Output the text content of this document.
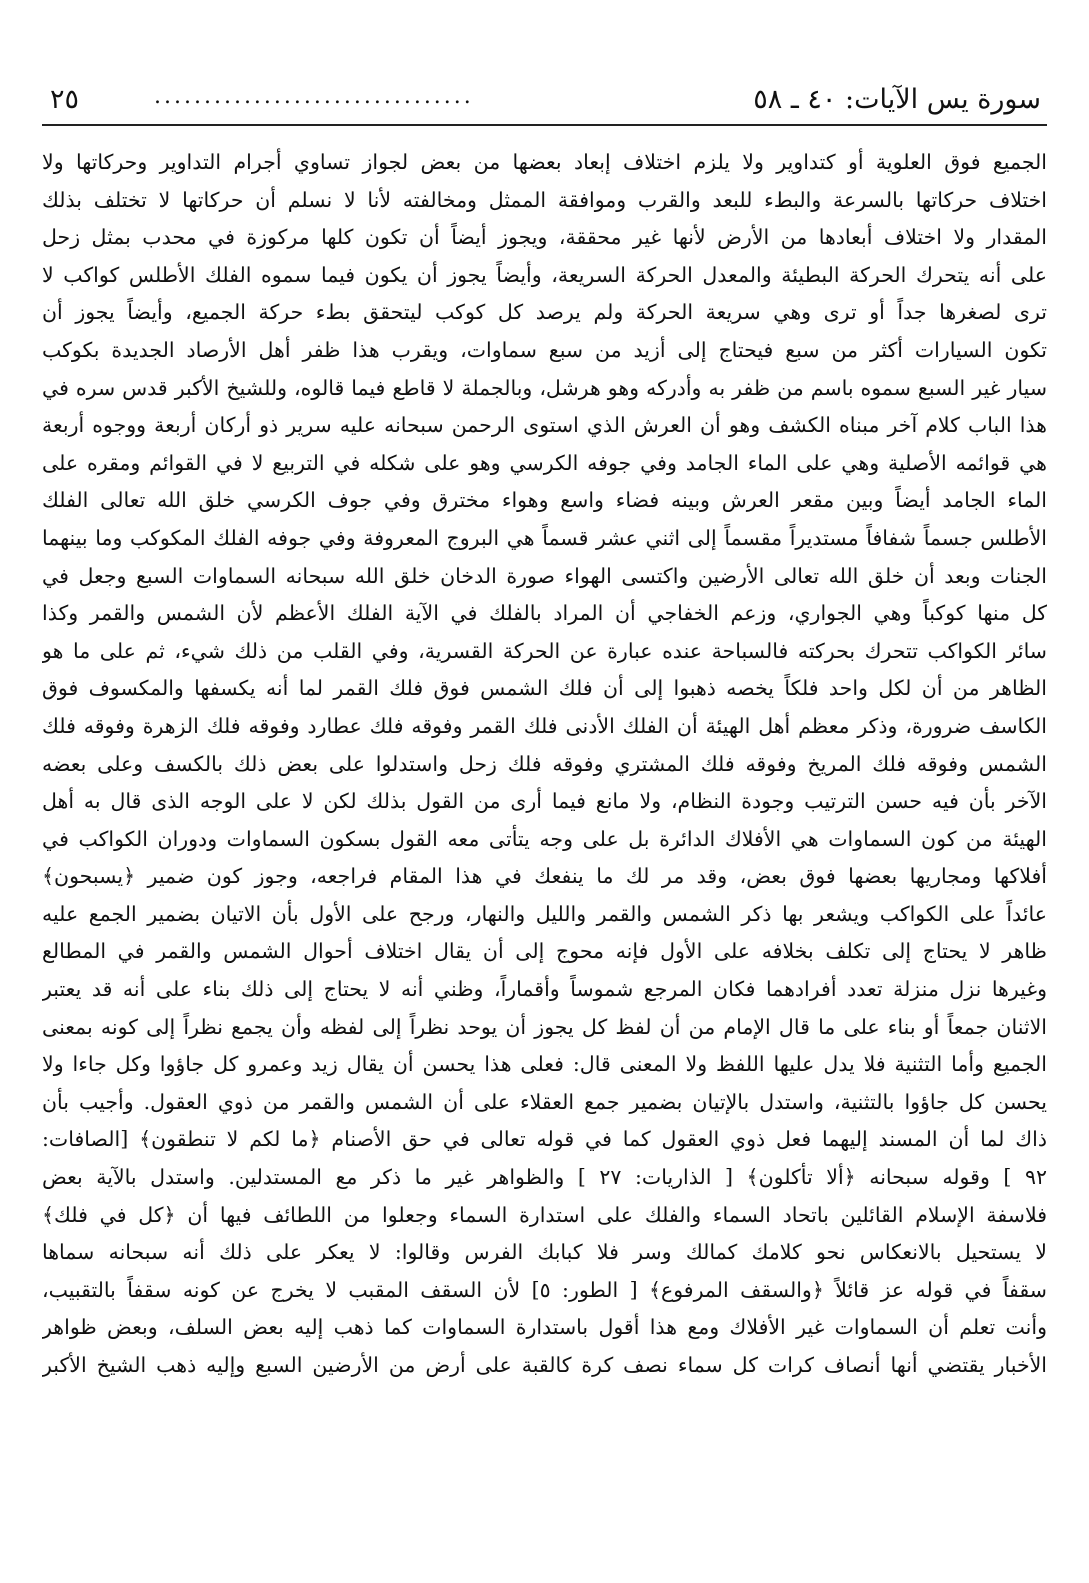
سورة يس الآيات: ٤٠ ـ ٥٨
................................
٢٥
الجميع فوق العلوية أو كتداوير ولا يلزم اختلاف إبعاد بعضها من بعض لجواز تساوي أجرام التداوير وحركاتها ولا
اختلاف حركاتها بالسرعة والبطء للبعد والقرب وموافقة الممثل ومخالفته لأنا لا نسلم أن حركاتها لا تختلف بذلك
المقدار ولا اختلاف أبعادها من الأرض لأنها غير محققة، ويجوز أيضاً أن تكون كلها مركوزة في محدب بمثل زحل
على أنه يتحرك الحركة البطيئة والمعدل الحركة السريعة، وأيضاً يجوز أن يكون فيما سموه الفلك الأطلس كواكب لا
ترى لصغرها جداً أو ترى وهي سريعة الحركة ولم يرصد كل كوكب ليتحقق بطء حركة الجميع، وأيضاً يجوز أن
تكون السيارات أكثر من سبع فيحتاج إلى أزيد من سبع سماوات، ويقرب هذا ظفر أهل الأرصاد الجديدة بكوكب
سيار غير السبع سموه باسم من ظفر به وأدركه وهو هرشل، وبالجملة لا قاطع فيما قالوه، وللشيخ الأكبر قدس سره في
هذا الباب كلام آخر مبناه الكشف وهو أن العرش الذي استوى الرحمن سبحانه عليه سرير ذو أركان أربعة ووجوه أربعة
هي قوائمه الأصلية وهي على الماء الجامد وفي جوفه الكرسي وهو على شكله في التربيع لا في القوائم ومقره على
الماء الجامد أيضاً وبين مقعر العرش وبينه فضاء واسع وهواء مخترق وفي جوف الكرسي خلق الله تعالى الفلك
الأطلس جسماً شفافاً مستديراً مقسماً إلى اثني عشر قسماً هي البروج المعروفة وفي جوفه الفلك المكوكب وما بينهما
الجنات وبعد أن خلق الله تعالى الأرضين واكتسى الهواء صورة الدخان خلق الله سبحانه السماوات السبع وجعل في
كل منها كوكباً وهي الجواري، وزعم الخفاجي أن المراد بالفلك في الآية الفلك الأعظم لأن الشمس والقمر وكذا
سائر الكواكب تتحرك بحركته فالسباحة عنده عبارة عن الحركة القسرية، وفي القلب من ذلك شيء، ثم على ما هو
الظاهر من أن لكل واحد فلكاً يخصه ذهبوا إلى أن فلك الشمس فوق فلك القمر لما أنه يكسفها والمكسوف فوق
الكاسف ضرورة، وذكر معظم أهل الهيئة أن الفلك الأدنى فلك القمر وفوقه فلك عطارد وفوقه فلك الزهرة وفوقه فلك
الشمس وفوقه فلك المريخ وفوقه فلك المشتري وفوقه فلك زحل واستدلوا على بعض ذلك بالكسف وعلى بعضه
الآخر بأن فيه حسن الترتيب وجودة النظام، ولا مانع فيما أرى من القول بذلك لكن لا على الوجه الذى قال به أهل
الهيئة من كون السماوات هي الأفلاك الدائرة بل على وجه يتأتى معه القول بسكون السماوات ودوران الكواكب في
أفلاكها ومجاريها بعضها فوق بعض، وقد مر لك ما ينفعك في هذا المقام فراجعه، وجوز كون ضمير ﴿يسبحون﴾
عائداً على الكواكب ويشعر بها ذكر الشمس والقمر والليل والنهار، ورجح على الأول بأن الاتيان بضمير الجمع عليه
ظاهر لا يحتاج إلى تكلف بخلافه على الأول فإنه محوج إلى أن يقال اختلاف أحوال الشمس والقمر في المطالع
وغيرها نزل منزلة تعدد أفرادهما فكان المرجع شموساً وأقماراً، وظني أنه لا يحتاج إلى ذلك بناء على أنه قد يعتبر
الاثنان جمعاً أو بناء على ما قال الإمام من أن لفظ كل يجوز أن يوحد نظراً إلى لفظه وأن يجمع نظراً إلى كونه بمعنى
الجميع وأما التثنية فلا يدل عليها اللفظ ولا المعنى قال: فعلى هذا يحسن أن يقال زيد وعمرو كل جاؤوا وكل جاءا ولا
يحسن كل جاؤوا بالتثنية، واستدل بالإتيان بضمير جمع العقلاء على أن الشمس والقمر من ذوي العقول. وأجيب بأن
ذاك لما أن المسند إليهما فعل ذوي العقول كما في قوله تعالى في حق الأصنام ﴿ما لكم لا تنطقون﴾ [الصافات:
٩٢ ] وقوله سبحانه ﴿ألا تأكلون﴾ [ الذاريات: ٢٧ ] والظواهر غير ما ذكر مع المستدلين. واستدل بالآية بعض
فلاسفة الإسلام القائلين باتحاد السماء والفلك على استدارة السماء وجعلوا من اللطائف فيها أن ﴿كل في فلك﴾
لا يستحيل بالانعكاس نحو كلامك كمالك وسر فلا كبابك الفرس وقالوا: لا يعكر على ذلك أنه سبحانه سماها
سقفاً في قوله عز قائلاً ﴿والسقف المرفوع﴾ [ الطور: ٥] لأن السقف المقبب لا يخرج عن كونه سقفاً بالتقبيب،
وأنت تعلم أن السماوات غير الأفلاك ومع هذا أقول باستدارة السماوات كما ذهب إليه بعض السلف، وبعض ظواهر
الأخبار يقتضي أنها أنصاف كرات كل سماء نصف كرة كالقبة على أرض من الأرضين السبع وإليه ذهب الشيخ الأكبر
